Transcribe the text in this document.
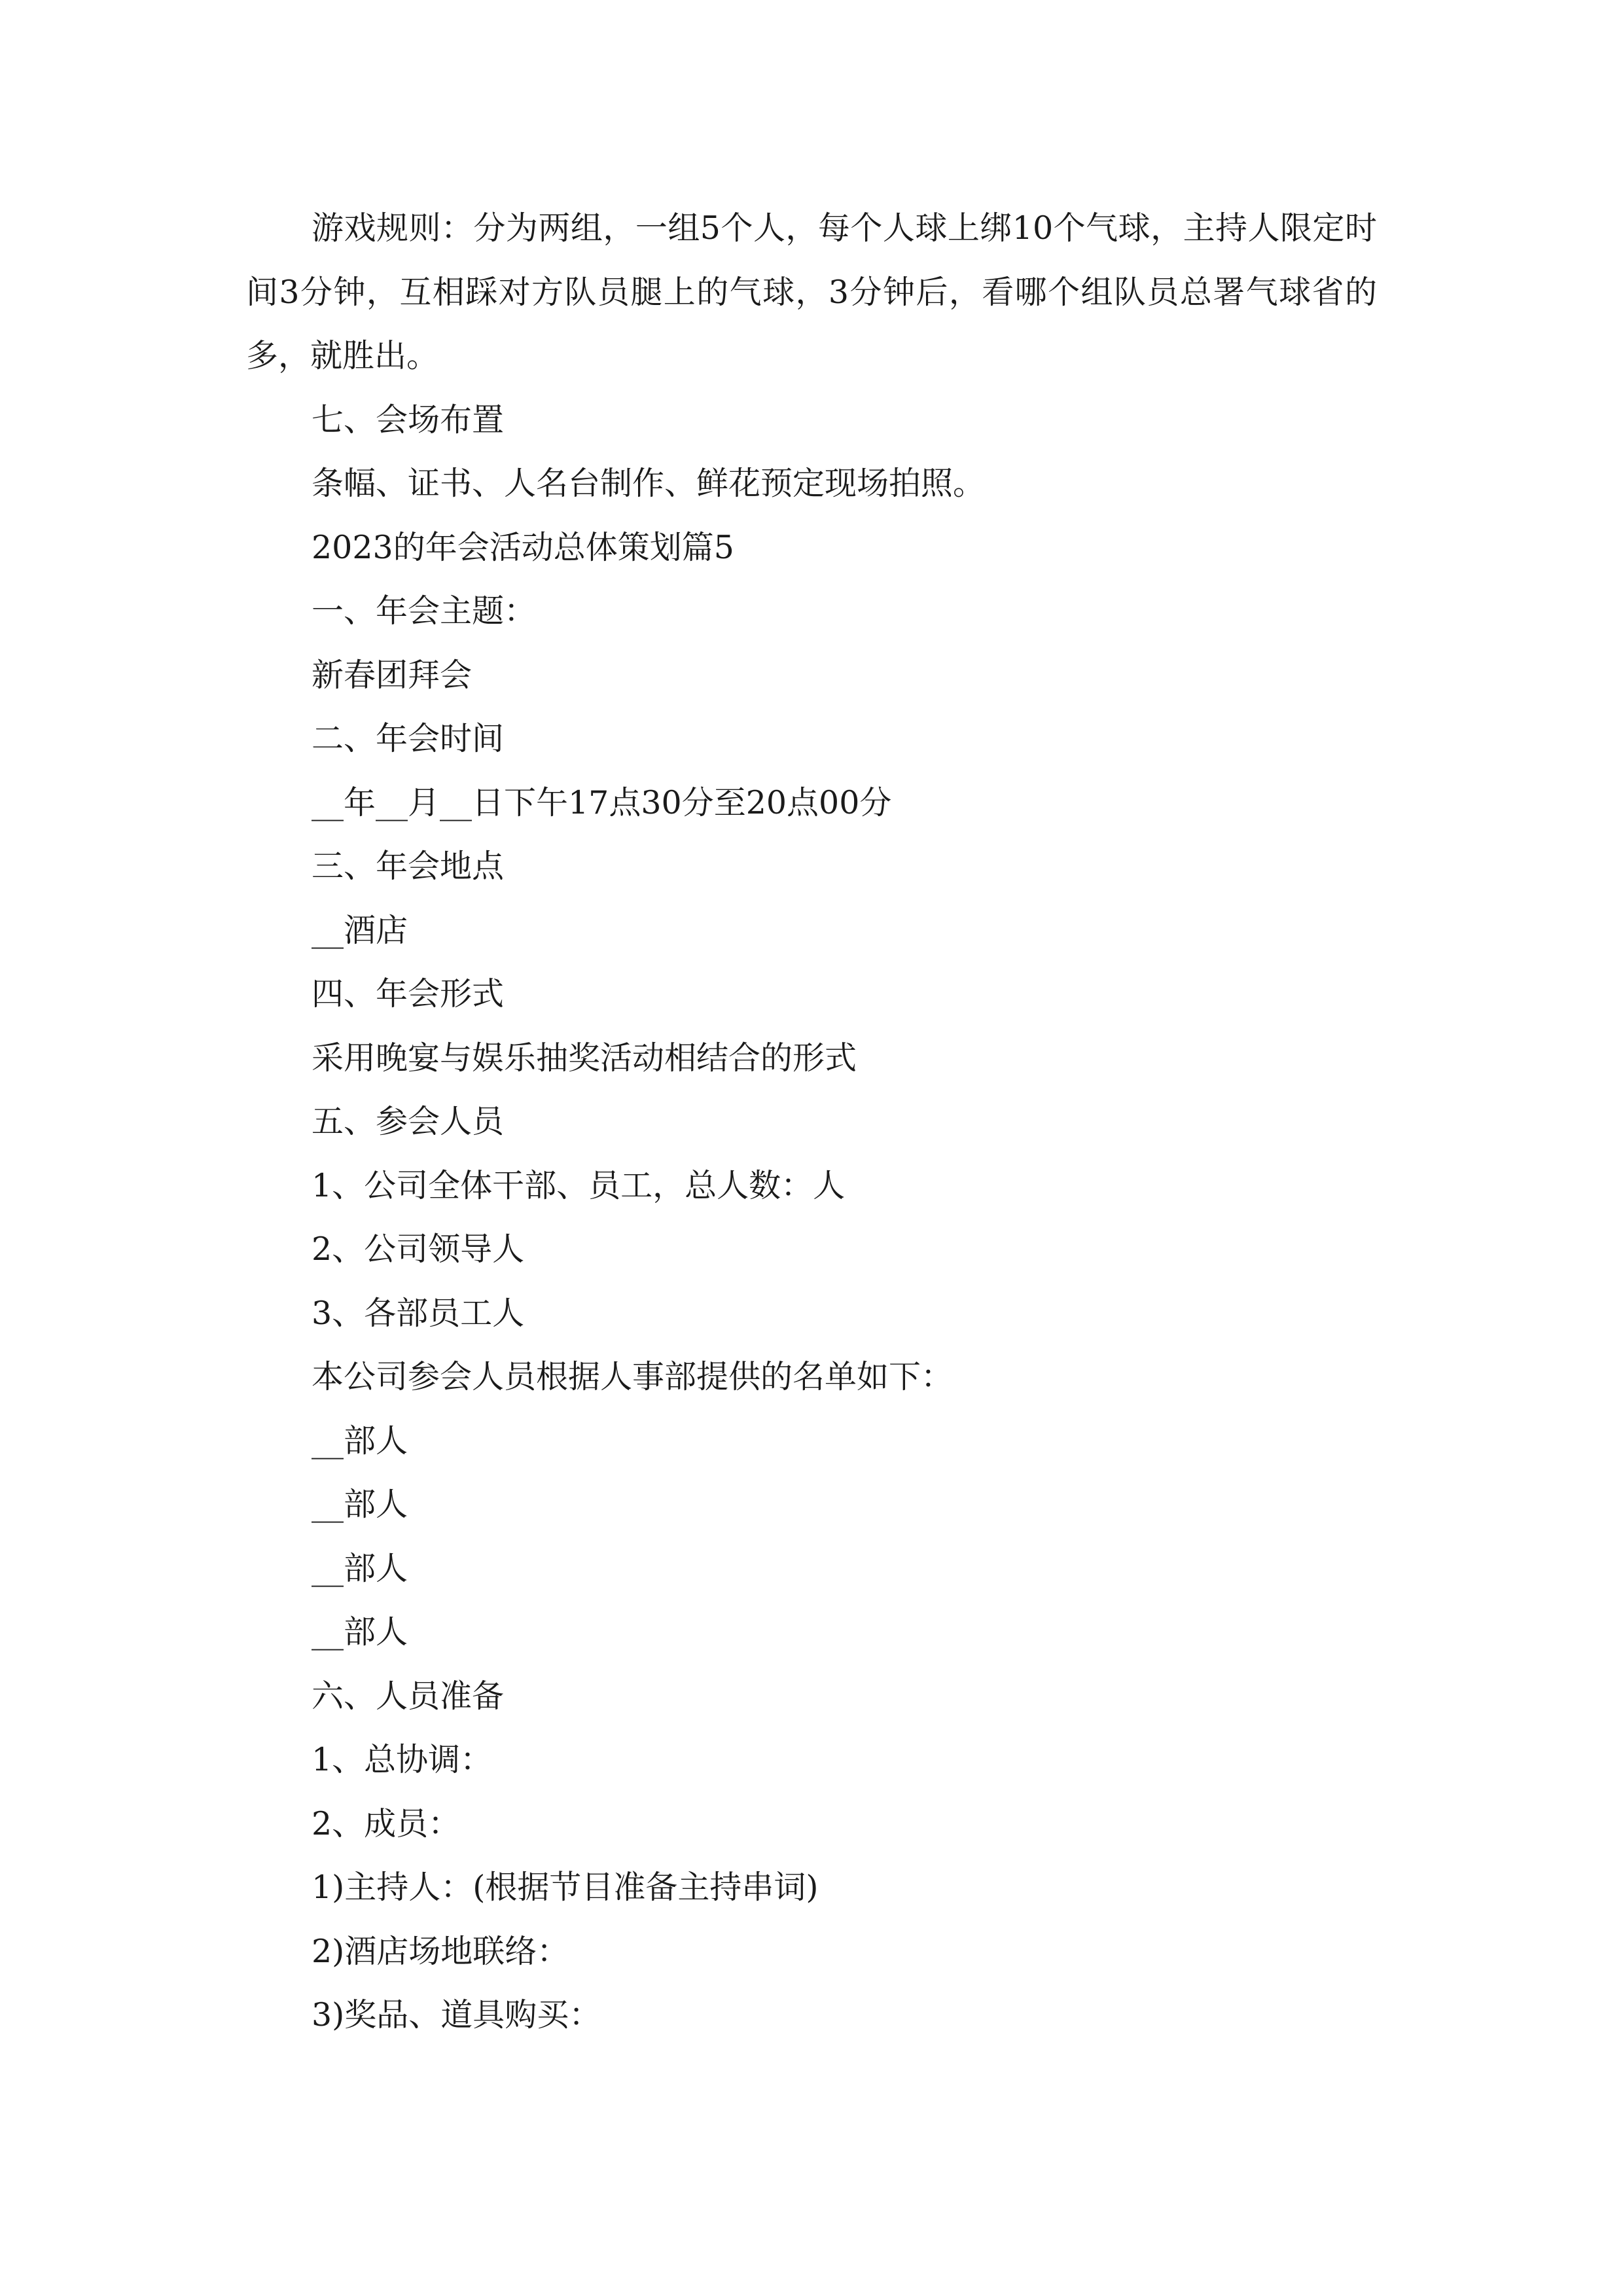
游戏规则：分为两组，一组5个人，每个人球上绑10个气球，主持人限定时间3分钟，互相踩对方队员腿上的气球，3分钟后，看哪个组队员总署气球省的多，就胜出。

七、会场布置

条幅、证书、人名台制作、鲜花预定现场拍照。

2023的年会活动总体策划篇5

一、年会主题：

新春团拜会

二、年会时间

__年__月__日下午17点30分至20点00分

三、年会地点

__酒店

四、年会形式

采用晚宴与娱乐抽奖活动相结合的形式

五、参会人员

1、公司全体干部、员工，总人数：人

2、公司领导人

3、各部员工人

本公司参会人员根据人事部提供的名单如下：

__部人

__部人

__部人

__部人

六、人员准备

1、总协调：

2、成员：

1)主持人：(根据节目准备主持串词)

2)酒店场地联络：

3)奖品、道具购买：
